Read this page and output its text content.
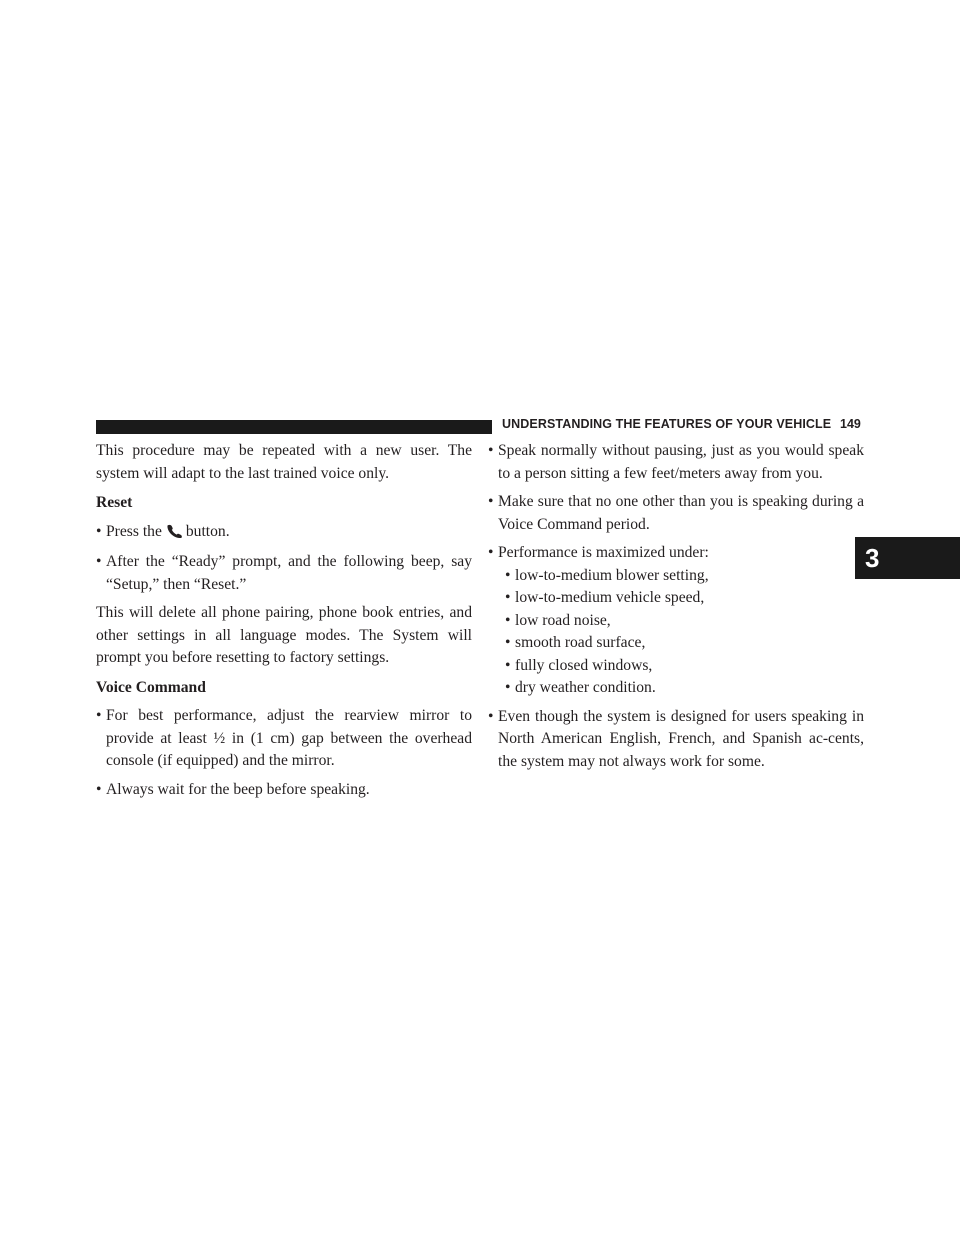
UNDERSTANDING THE FEATURES OF YOUR VEHICLE 149
3

This procedure may be repeated with a new user. The system will adapt to the last trained voice only.

Reset

• Press the button.
• After the “Ready” prompt, and the following beep, say “Setup,” then “Reset.”

This will delete all phone pairing, phone book entries, and other settings in all language modes. The System will prompt you before resetting to factory settings.

Voice Command

• For best performance, adjust the rearview mirror to provide at least ½ in (1 cm) gap between the overhead console (if equipped) and the mirror.
• Always wait for the beep before speaking.
• Speak normally without pausing, just as you would speak to a person sitting a few feet/meters away from you.
• Make sure that no one other than you is speaking during a Voice Command period.
• Performance is maximized under:
• low-to-medium blower setting,
• low-to-medium vehicle speed,
• low road noise,
• smooth road surface,
• fully closed windows,
• dry weather condition.
• Even though the system is designed for users speaking in North American English, French, and Spanish ac-cents, the system may not always work for some.
